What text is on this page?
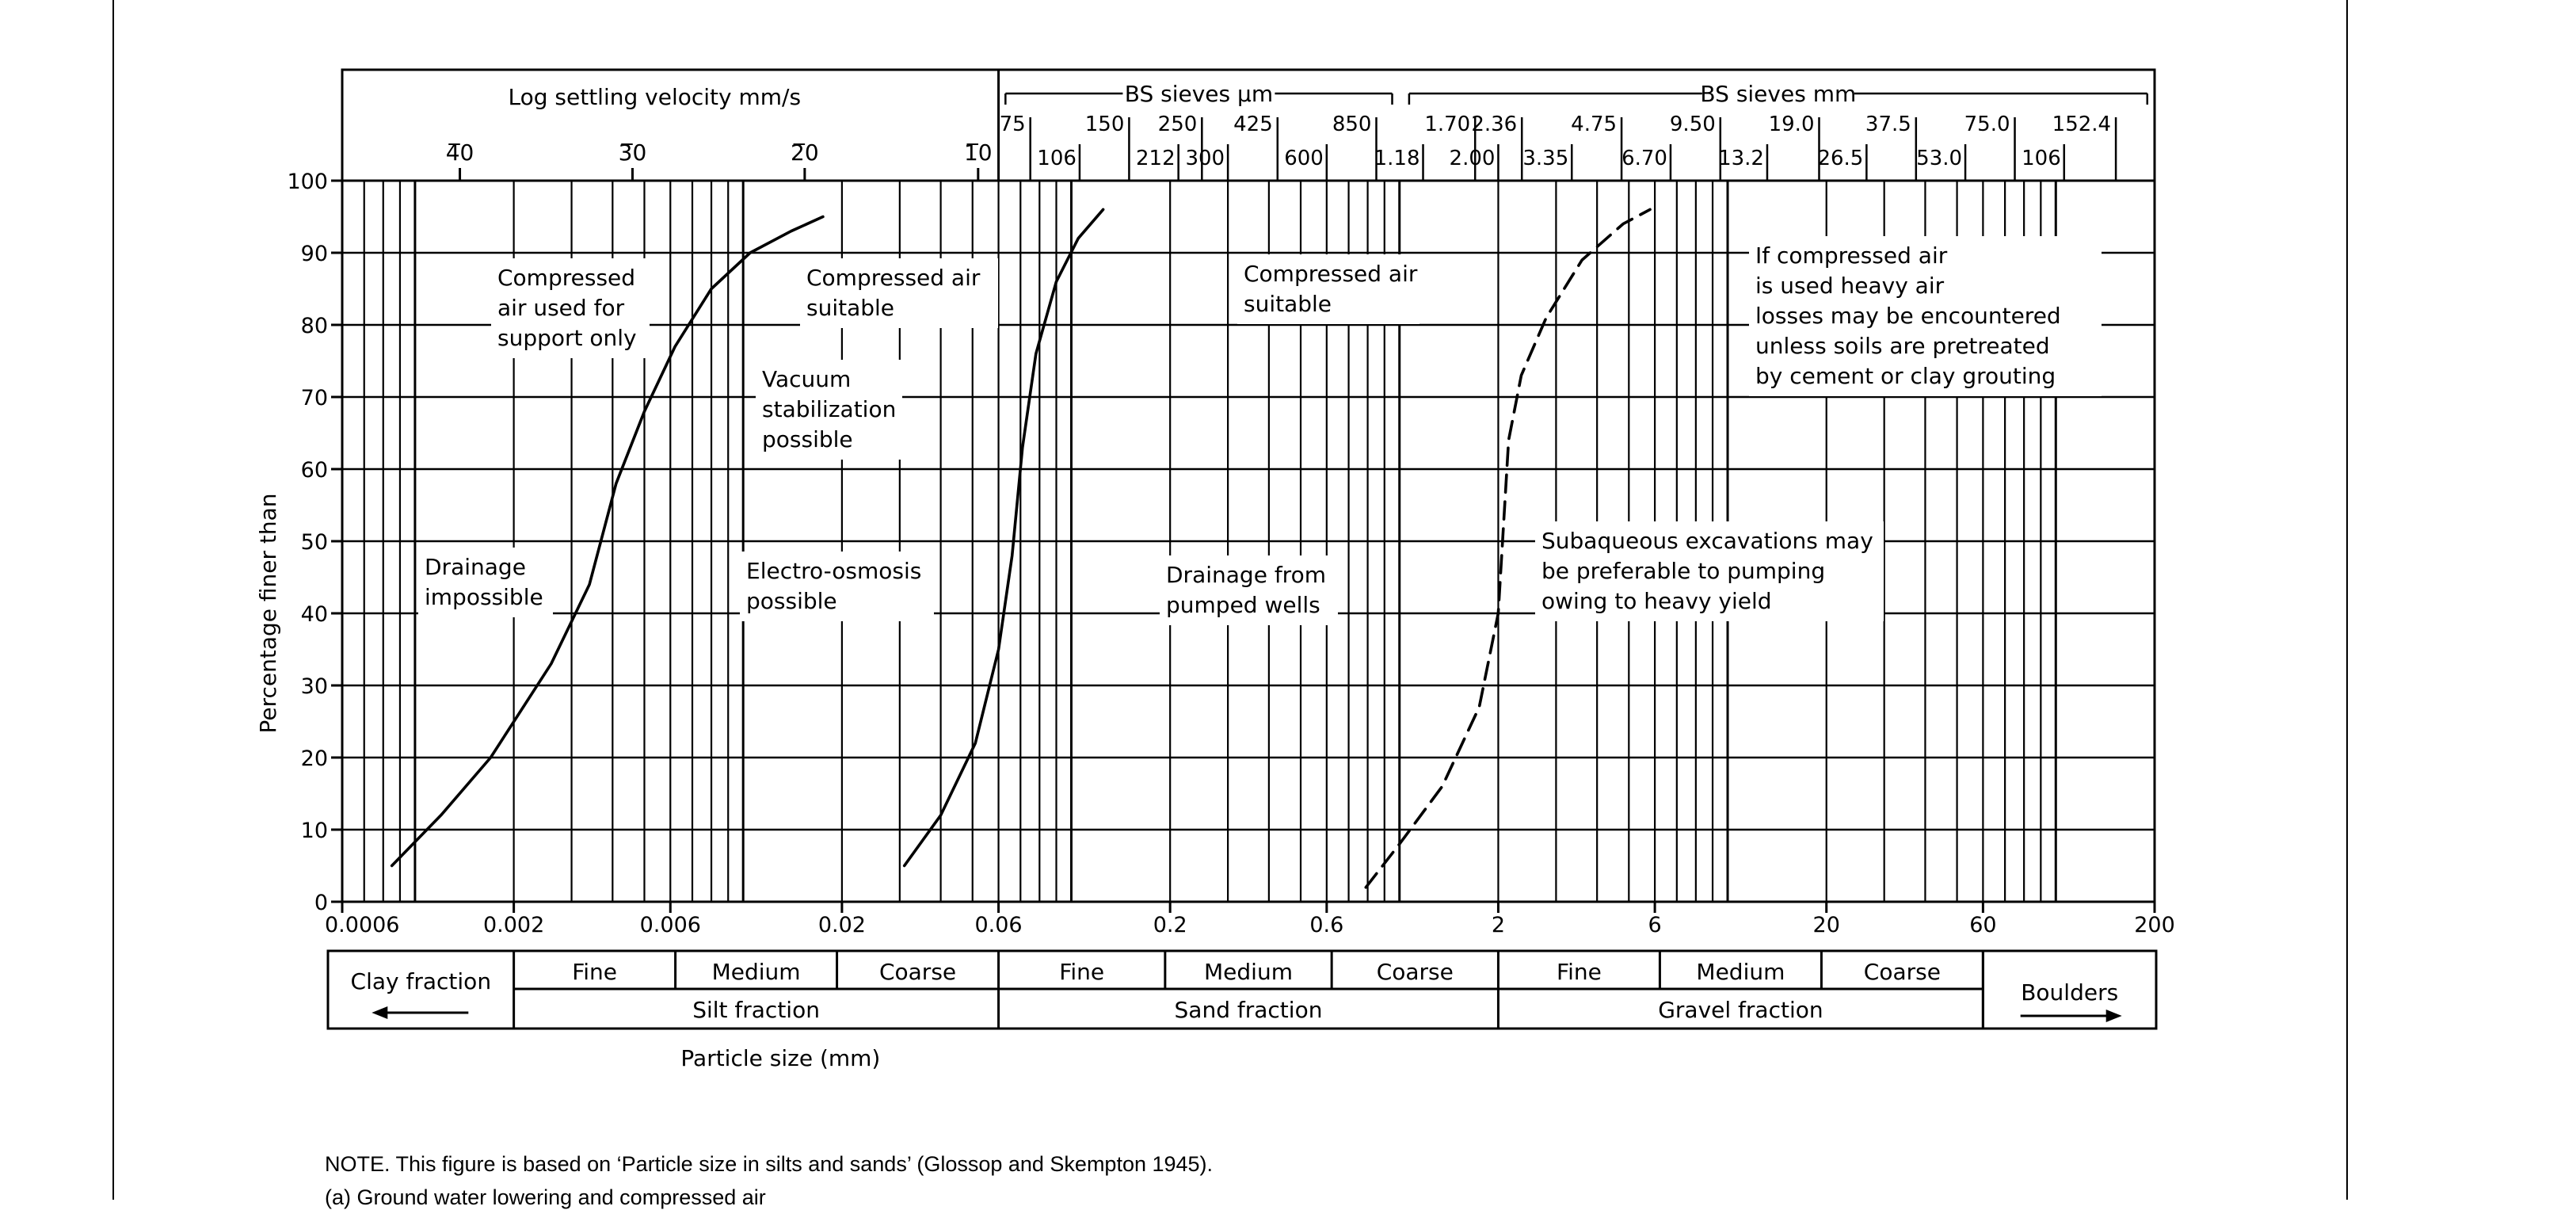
Log settling velocity mm/s
4̅0	3̅0	2̅0	1̅0
BS sieves μm
75	150 250 425	850
106	212 300	600
BS sieves mm
1.70 2.36	4.75	9.50	19.0 37.5	75.0 152.4
1.18 2.00 3.35	6.70 13.2	26.5	53.0	106
Compressed
air used for
support only
Compressed air
suitable
Vacuum
stabilization
possible
Compressed air
suitable
If compressed air
is used heavy air
losses may be encountered
unless soils are pretreated
by cement or clay grouting
Drainage
impossible
Electro-osmosis
possible
Drainage from
pumped wells
Subaqueous excavations may
be preferable to pumping
owing to heavy yield
0
10
20
30
40
50
60
70
80
90
100
Percentage finer than
0.0006	0.002	0.006	0.02	0.06	0.2	0.6	2	6	20	60	200
Particle size (mm)
Fine	Medium	Coarse
Silt fraction
Fine	Medium	Coarse
Sand fraction
Fine	Medium	Coarse
Gravel fraction
Clay fraction	Boulders
NOTE. This figure is based on ‘Particle size in silts and sands’ (Glossop and Skempton 1945).
(a) Ground water lowering and compressed air
